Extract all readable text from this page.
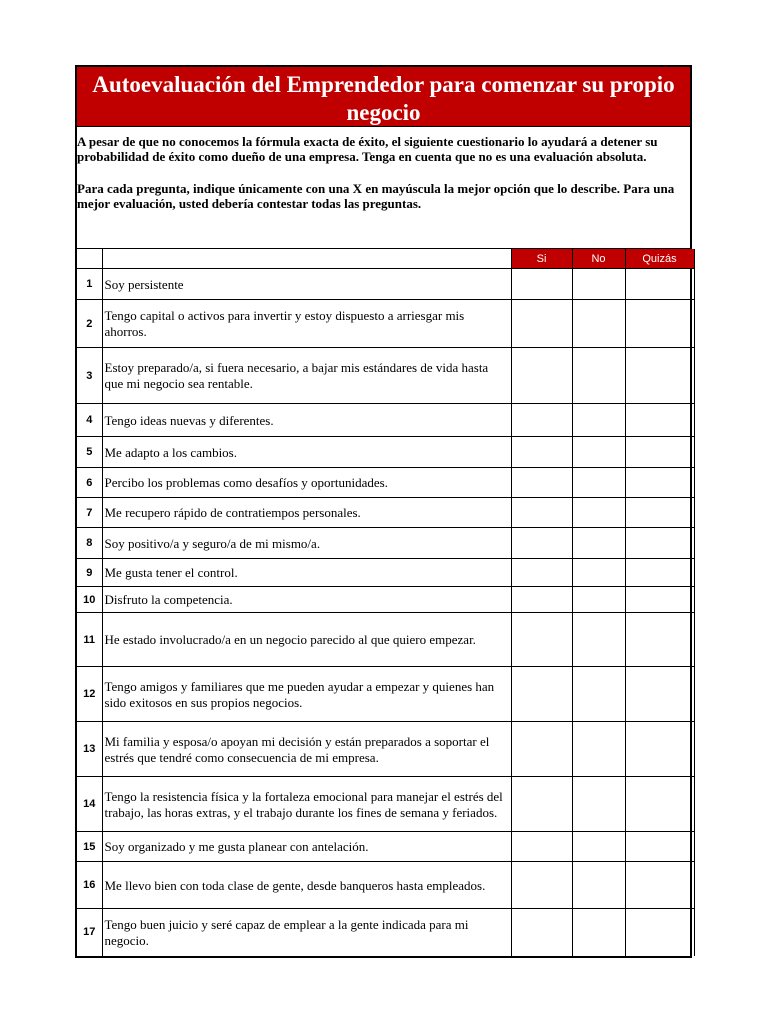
Autoevaluación del Emprendedor para comenzar su propio negocio

A pesar de que no conocemos la fórmula exacta de éxito, el siguiente cuestionario lo ayudará a detener su probabilidad de éxito como dueño de una empresa. Tenga en cuenta que no es una evaluación absoluta.

Para cada pregunta, indique únicamente con una X en mayúscula la mejor opción que lo describe. Para una mejor evaluación, usted debería contestar todas las preguntas.

		Si	No	Quizás
1	Soy persistente			
2	Tengo capital o activos para invertir y estoy dispuesto a arriesgar mis ahorros.			
3	Estoy preparado/a, si fuera necesario, a bajar mis estándares de vida hasta que mi negocio sea rentable.			
4	Tengo ideas nuevas y diferentes.			
5	Me adapto a los cambios.			
6	Percibo los problemas como desafíos y oportunidades.			
7	Me recupero rápido de contratiempos personales.			
8	Soy positivo/a y seguro/a de mi mismo/a.			
9	Me gusta tener el control.			
10	Disfruto la competencia.			
11	He estado involucrado/a en un negocio parecido al que quiero empezar.			
12	Tengo amigos y familiares que me pueden ayudar a empezar y quienes han sido exitosos en sus propios negocios.			
13	Mi familia y esposa/o apoyan mi decisión y están preparados a soportar el estrés que tendré como consecuencia de mi empresa.			
14	Tengo la resistencia física y la fortaleza emocional para manejar el estrés del trabajo, las horas extras, y el trabajo durante los fines de semana y feriados.			
15	Soy organizado y me gusta planear con antelación.			
16	Me llevo bien con toda clase de gente, desde banqueros hasta empleados.			
17	Tengo buen juicio y seré capaz de emplear a la gente indicada para mi negocio.			
